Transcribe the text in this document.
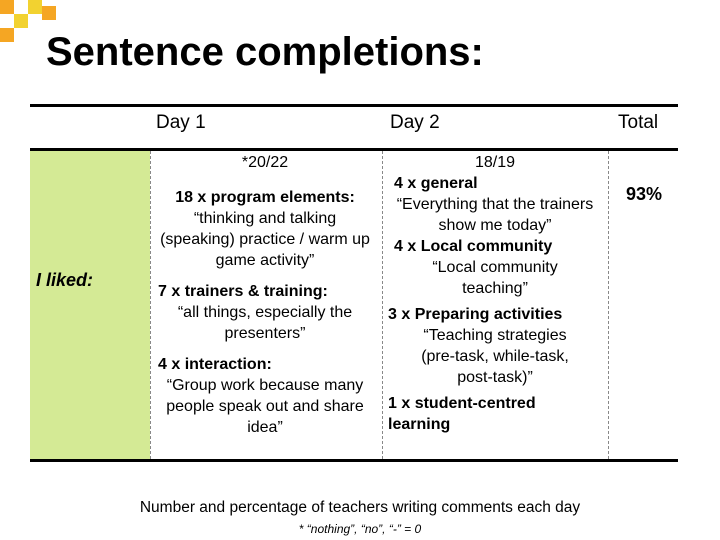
Sentence completions:
Day 1	Day 2	Total
I liked:

*20/22

18 x program elements:

“thinking and talking (speaking) practice / warm up game activity”

7 x trainers & training:

“all things, especially the presenters”

4 x interaction:

“Group work because many people speak out and share idea”

18/19

4 x general

“Everything that the trainers show me today”

4 x Local community

“Local community teaching”

3 x Preparing activities

“Teaching strategies (pre-task, while-task, post-task)”

1 x student-centred learning

93%
Number and percentage of teachers writing comments each day
* “nothing”, “no”, “-” = 0
